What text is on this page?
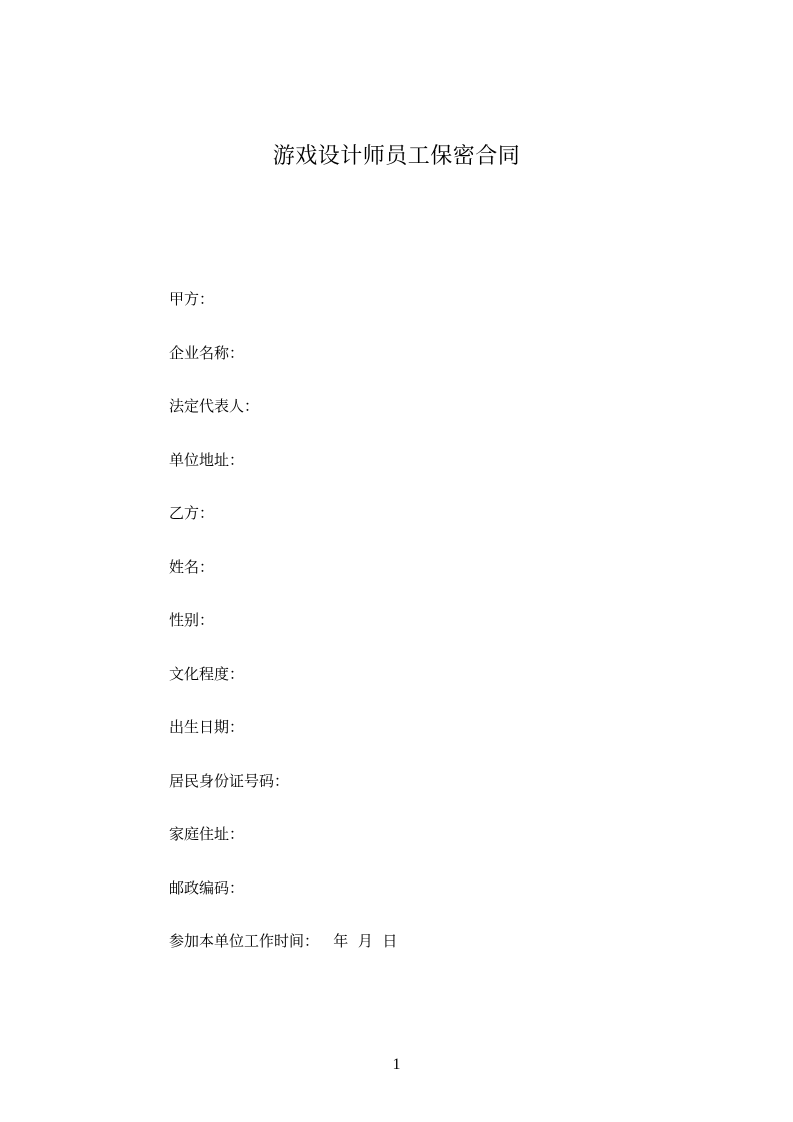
游戏设计师员工保密合同
甲方：
企业名称：
法定代表人：
单位地址：
乙方：
姓名：
性别：
文化程度：
出生日期：
居民身份证号码：
家庭住址：
邮政编码：
参加本单位工作时间：   年  月  日
1
